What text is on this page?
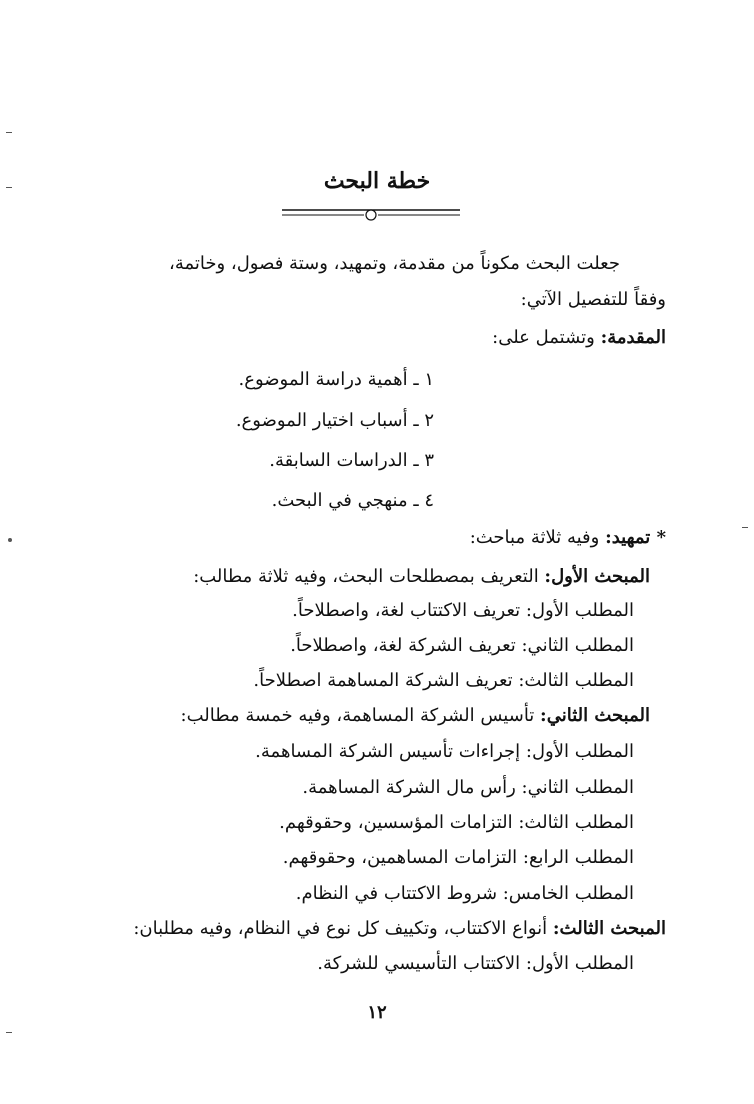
خطة البحث
جعلت البحث مكوناً من مقدمة، وتمهيد، وستة فصول، وخاتمة،
وفقاً للتفصيل الآتي:
المقدمة: وتشتمل على:
١ ـ أهمية دراسة الموضوع.
٢ ـ أسباب اختيار الموضوع.
٣ ـ الدراسات السابقة.
٤ ـ منهجي في البحث.
* تمهيد: وفيه ثلاثة مباحث:
المبحث الأول: التعريف بمصطلحات البحث، وفيه ثلاثة مطالب:
المطلب الأول: تعريف الاكتتاب لغة، واصطلاحاً.
المطلب الثاني: تعريف الشركة لغة، واصطلاحاً.
المطلب الثالث: تعريف الشركة المساهمة اصطلاحاً.
المبحث الثاني: تأسيس الشركة المساهمة، وفيه خمسة مطالب:
المطلب الأول: إجراءات تأسيس الشركة المساهمة.
المطلب الثاني: رأس مال الشركة المساهمة.
المطلب الثالث: التزامات المؤسسين، وحقوقهم.
المطلب الرابع: التزامات المساهمين، وحقوقهم.
المطلب الخامس: شروط الاكتتاب في النظام.
المبحث الثالث: أنواع الاكتتاب، وتكييف كل نوع في النظام، وفيه مطلبان:
المطلب الأول: الاكتتاب التأسيسي للشركة.
١٢
